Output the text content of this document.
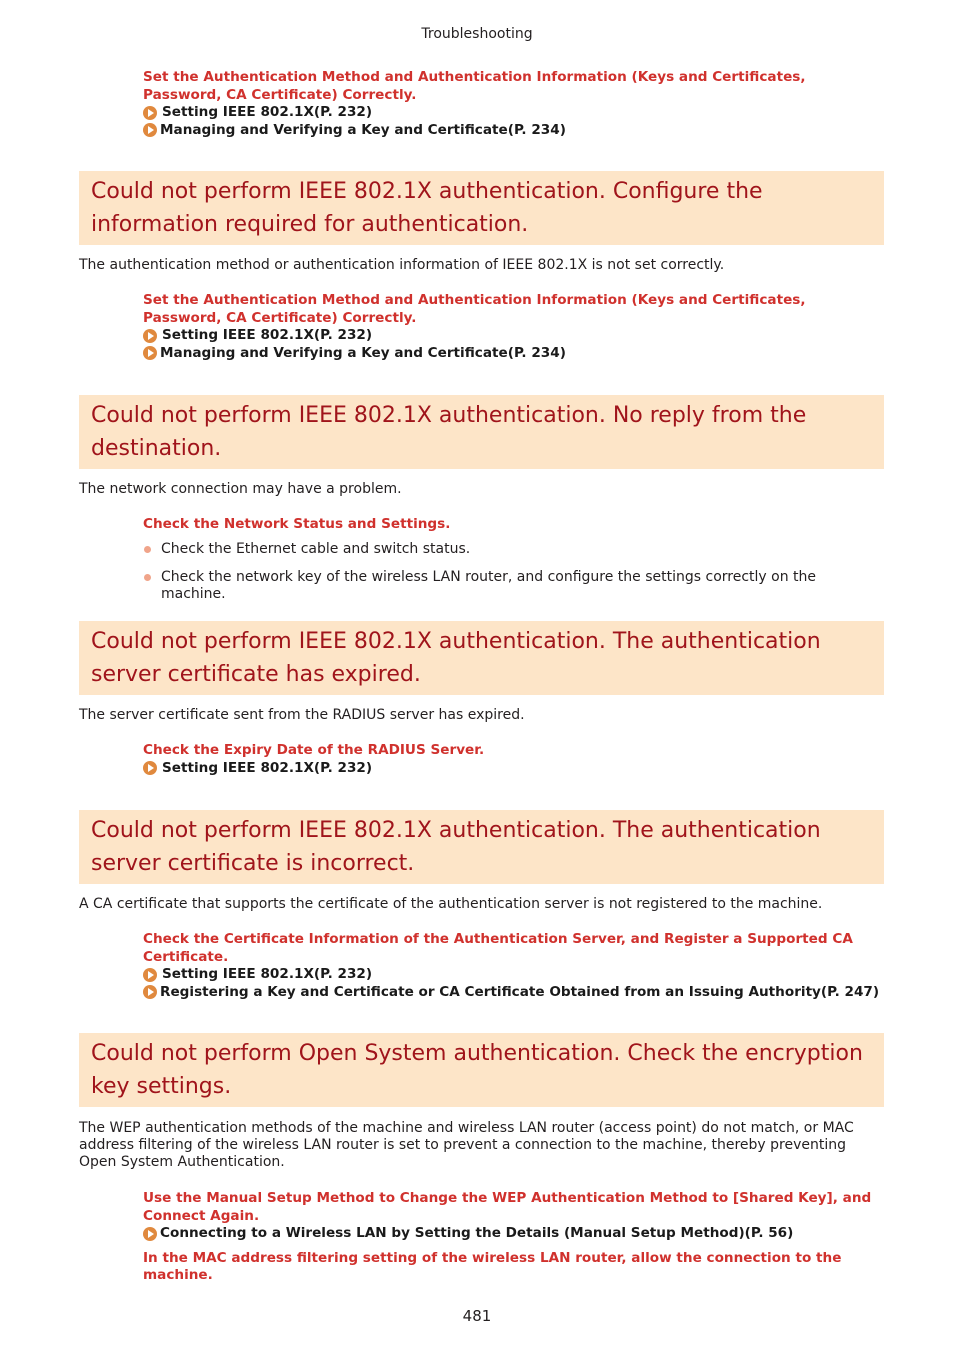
Troubleshooting
Set the Authentication Method and Authentication Information (Keys and Certificates, Password, CA Certificate) Correctly.
Setting IEEE 802.1X(P. 232)
Managing and Verifying a Key and Certificate(P. 234)
Could not perform IEEE 802.1X authentication. Configure the information required for authentication.
The authentication method or authentication information of IEEE 802.1X is not set correctly.
Set the Authentication Method and Authentication Information (Keys and Certificates, Password, CA Certificate) Correctly.
Setting IEEE 802.1X(P. 232)
Managing and Verifying a Key and Certificate(P. 234)
Could not perform IEEE 802.1X authentication. No reply from the destination.
The network connection may have a problem.
Check the Network Status and Settings.
Check the Ethernet cable and switch status.
Check the network key of the wireless LAN router, and configure the settings correctly on the machine.
Could not perform IEEE 802.1X authentication. The authentication server certificate has expired.
The server certificate sent from the RADIUS server has expired.
Check the Expiry Date of the RADIUS Server.
Setting IEEE 802.1X(P. 232)
Could not perform IEEE 802.1X authentication. The authentication server certificate is incorrect.
A CA certificate that supports the certificate of the authentication server is not registered to the machine.
Check the Certificate Information of the Authentication Server, and Register a Supported CA Certificate.
Setting IEEE 802.1X(P. 232)
Registering a Key and Certificate or CA Certificate Obtained from an Issuing Authority(P. 247)
Could not perform Open System authentication. Check the encryption key settings.
The WEP authentication methods of the machine and wireless LAN router (access point) do not match, or MAC address filtering of the wireless LAN router is set to prevent a connection to the machine, thereby preventing Open System Authentication.
Use the Manual Setup Method to Change the WEP Authentication Method to [Shared Key], and Connect Again.
Connecting to a Wireless LAN by Setting the Details (Manual Setup Method)(P. 56)
In the MAC address filtering setting of the wireless LAN router, allow the connection to the machine.
481
